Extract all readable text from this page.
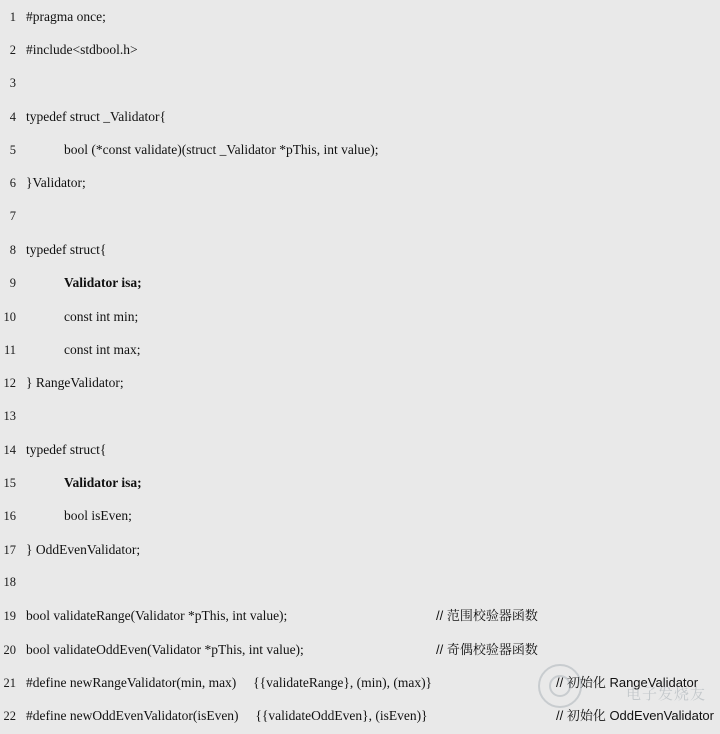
1 #pragma once;
2 #include<stdbool.h>
3
4 typedef struct _Validator{
5	bool (*const validate)(struct _Validator *pThis, int value);
6 }Validator;
7
8 typedef struct{
9	Validator isa;
10	const int min;
11	const int max;
12 } RangeValidator;
13
14 typedef struct{
15	Validator isa;
16	bool isEven;
17 } OddEvenValidator;
18
19 bool validateRange(Validator *pThis, int value);	// 范围校验器函数
20 bool validateOddEven(Validator *pThis, int value);	// 奇偶校验器函数
21 #define newRangeValidator(min, max)     {{validateRange}, (min), (max)}	// 初始化 RangeValidator
22 #define newOddEvenValidator(isEven)     {{validateOddEven}, (isEven)}	// 初始化 OddEvenValidator
电子发烧友
